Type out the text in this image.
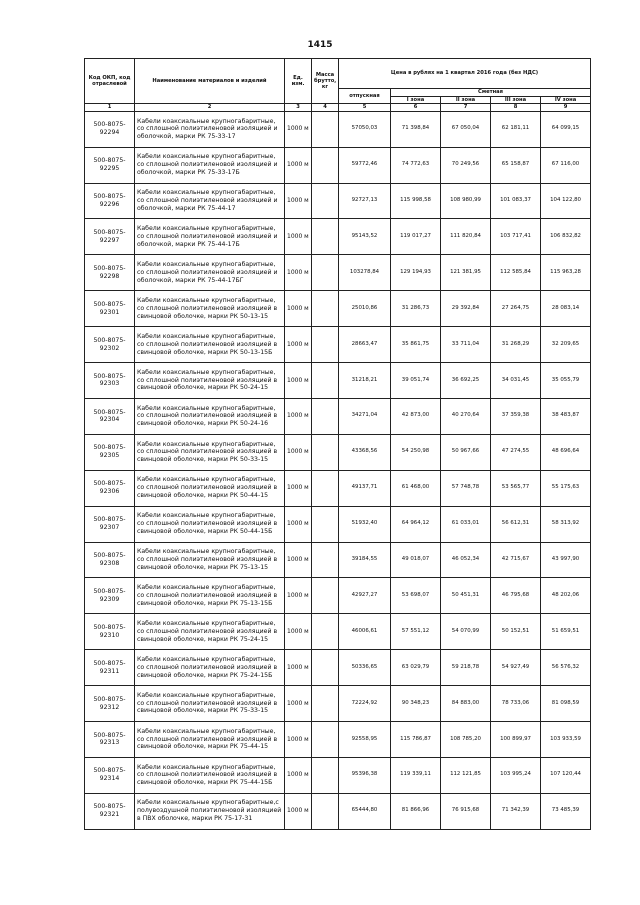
1415
Код ОКП, код отраслевой	Наименование материалов и изделий	Ед. изм.	Масса брутто, кг	Цена в рублях на 1 квартал 2016 года (без НДС)				
				отпускная	Сметная			
					I зона	II зона	III зона	IV зона
1	2	3	4	5	6	7	8	9
500-8075-92294	Кабели коаксиальные крупногабаритные, со сплошной полиэтиленовой изоляцией и оболочкой, марки РК 75-33-17	1000 м		57050,03	71 398,84	67 050,04	62 181,11	64 099,15
500-8075-92295	Кабели коаксиальные крупногабаритные, со сплошной полиэтиленовой изоляцией и оболочкой, марки РК 75-33-17Б	1000 м		59772,46	74 772,63	70 249,56	65 158,87	67 116,00
500-8075-92296	Кабели коаксиальные крупногабаритные, со сплошной полиэтиленовой изоляцией и оболочкой, марки РК 75-44-17	1000 м		92727,13	115 998,58	108 980,99	101 083,37	104 122,80
500-8075-92297	Кабели коаксиальные крупногабаритные, со сплошной полиэтиленовой изоляцией и оболочкой, марки РК 75-44-17Б	1000 м		95143,52	119 017,27	111 820,84	103 717,41	106 832,82
500-8075-92298	Кабели коаксиальные крупногабаритные, со сплошной полиэтиленовой изоляцией и оболочкой, марки РК 75-44-17БГ	1000 м		103278,84	129 194,93	121 381,95	112 585,84	115 963,28
500-8075-92301	Кабели коаксиальные крупногабаритные, со сплошной полиэтиленовой изоляцией в свинцовой оболочке, марки РК 50-13-15	1000 м		25010,86	31 286,73	29 392,84	27 264,75	28 083,14
500-8075-92302	Кабели коаксиальные крупногабаритные, со сплошной полиэтиленовой изоляцией в свинцовой оболочке, марки РК 50-13-15Б	1000 м		28663,47	35 861,75	33 711,04	31 268,29	32 209,65
500-8075-92303	Кабели коаксиальные крупногабаритные, со сплошной полиэтиленовой изоляцией в свинцовой оболочке, марки РК 50-24-15	1000 м		31218,21	39 051,74	36 692,25	34 031,45	35 055,79
500-8075-92304	Кабели коаксиальные крупногабаритные, со сплошной полиэтиленовой изоляцией в свинцовой оболочке, марки РК 50-24-16	1000 м		34271,04	42 873,00	40 270,64	37 359,38	38 483,87
500-8075-92305	Кабели коаксиальные крупногабаритные, со сплошной полиэтиленовой изоляцией в свинцовой оболочке, марки РК 50-33-15	1000 м		43368,56	54 250,98	50 967,66	47 274,55	48 696,64
500-8075-92306	Кабели коаксиальные крупногабаритные, со сплошной полиэтиленовой изоляцией в свинцовой оболочке, марки РК 50-44-15	1000 м		49137,71	61 468,00	57 748,78	53 565,77	55 175,63
500-8075-92307	Кабели коаксиальные крупногабаритные, со сплошной полиэтиленовой изоляцией в свинцовой оболочке, марки РК 50-44-15Б	1000 м		51932,40	64 964,12	61 033,01	56 612,31	58 313,92
500-8075-92308	Кабели коаксиальные крупногабаритные, со сплошной полиэтиленовой изоляцией в свинцовой оболочке, марки РК 75-13-15	1000 м		39184,55	49 018,07	46 052,34	42 715,67	43 997,90
500-8075-92309	Кабели коаксиальные крупногабаритные, со сплошной полиэтиленовой изоляцией в свинцовой оболочке, марки РК 75-13-15Б	1000 м		42927,27	53 698,07	50 451,31	46 795,68	48 202,06
500-8075-92310	Кабели коаксиальные крупногабаритные, со сплошной полиэтиленовой изоляцией в свинцовой оболочке, марки РК 75-24-15	1000 м		46006,61	57 551,12	54 070,99	50 152,51	51 659,51
500-8075-92311	Кабели коаксиальные крупногабаритные, со сплошной полиэтиленовой изоляцией в свинцовой оболочке, марки РК 75-24-15Б	1000 м		50336,65	63 029,79	59 218,78	54 927,49	56 576,32
500-8075-92312	Кабели коаксиальные крупногабаритные, со сплошной полиэтиленовой изоляцией в свинцовой оболочке, марки РК 75-33-15	1000 м		72224,92	90 348,23	84 883,00	78 733,06	81 098,59
500-8075-92313	Кабели коаксиальные крупногабаритные, со сплошной полиэтиленовой изоляцией в свинцовой оболочке, марки РК 75-44-15	1000 м		92558,95	115 786,87	108 785,20	100 899,97	103 933,59
500-8075-92314	Кабели коаксиальные крупногабаритные, со сплошной полиэтиленовой изоляцией в свинцовой оболочке, марки РК 75-44-15Б	1000 м		95396,38	119 339,11	112 121,85	103 995,24	107 120,44
500-8075-92321	Кабели коаксиальные крупногабаритные,с полувоздушной полиэтиленовой изоляцией в ПВХ оболочке, марки РК 75-17-31	1000 м		65444,80	81 866,96	76 915,68	71 342,39	73 485,39
